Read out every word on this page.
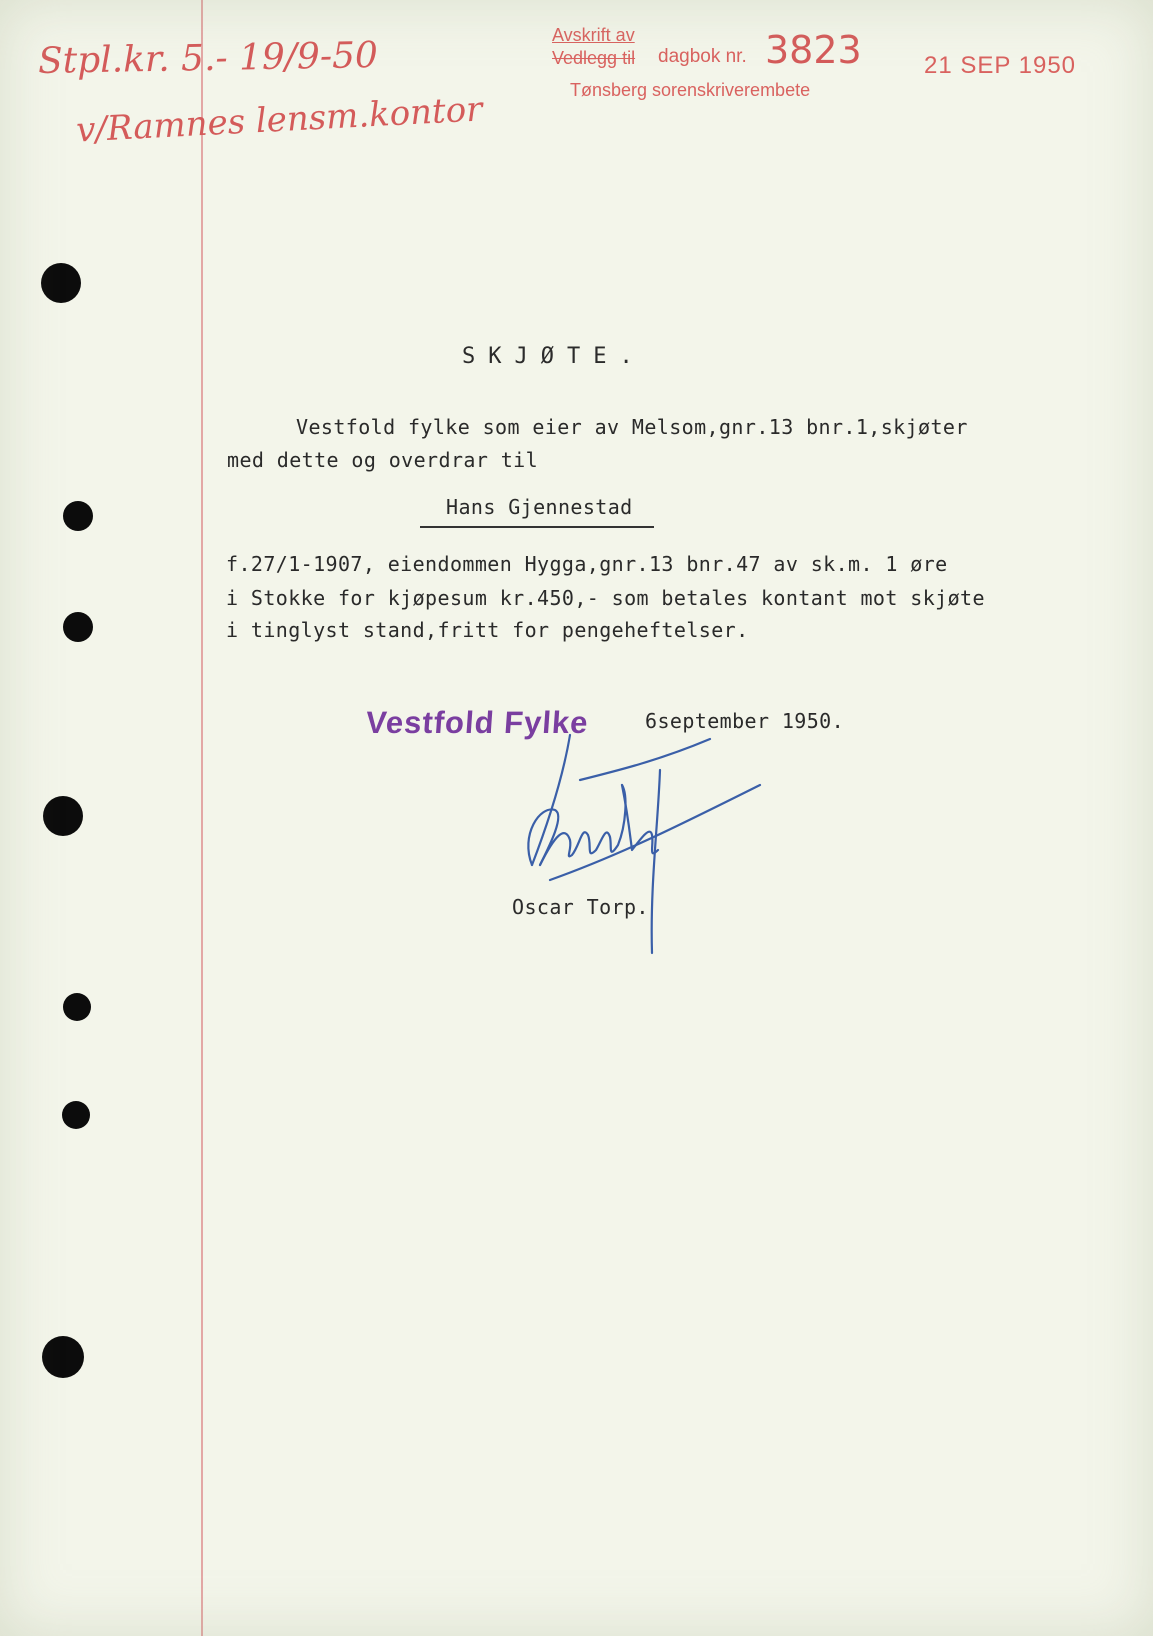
Stpl.kr. 5.- 19/9-50
v/Ramnes lensm.kontor
Avskrift av
Vedlegg til dagbok nr. 3823
Tønsberg sorenskriverembete
21 SEP 1950
SKJØTE.
Vestfold fylke som eier av Melsom,gnr.13 bnr.1,skjøter
med dette og overdrar til
Hans Gjennestad
f.27/1-1907, eiendommen Hygga,gnr.13 bnr.47 av sk.m. 1 øre
i Stokke for kjøpesum kr.450,- som betales kontant mot skjøte
i tinglyst stand,fritt for pengeheftelser.
Vestfold Fylke	6september 1950.
Oscar Torp.
